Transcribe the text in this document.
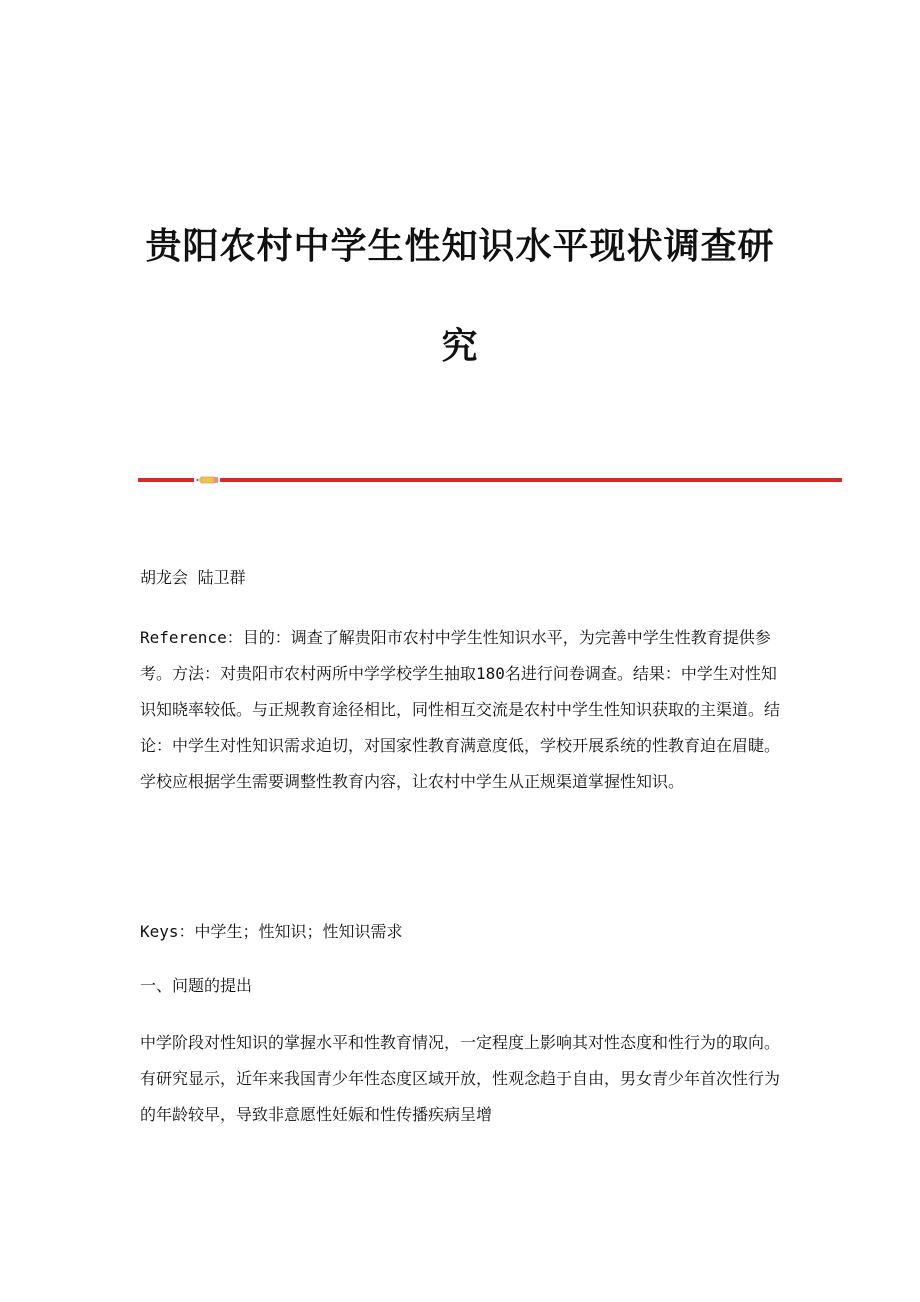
贵阳农村中学生性知识水平现状调查研
究

胡龙会 陆卫群

Reference：目的：调查了解贵阳市农村中学生性知识水平，为完善中学生性教育提供参考。方法：对贵阳市农村两所中学学校学生抽取180名进行问卷调查。结果：中学生对性知识知晓率较低。与正规教育途径相比，同性相互交流是农村中学生性知识获取的主渠道。结论：中学生对性知识需求迫切，对国家性教育满意度低，学校开展系统的性教育迫在眉睫。学校应根据学生需要调整性教育内容，让农村中学生从正规渠道掌握性知识。

Keys：中学生；性知识；性知识需求

一、问题的提出

中学阶段对性知识的掌握水平和性教育情况，一定程度上影响其对性态度和性行为的取向。有研究显示，近年来我国青少年性态度区域开放，性观念趋于自由，男女青少年首次性行为的年龄较早，导致非意愿性妊娠和性传播疾病呈增
